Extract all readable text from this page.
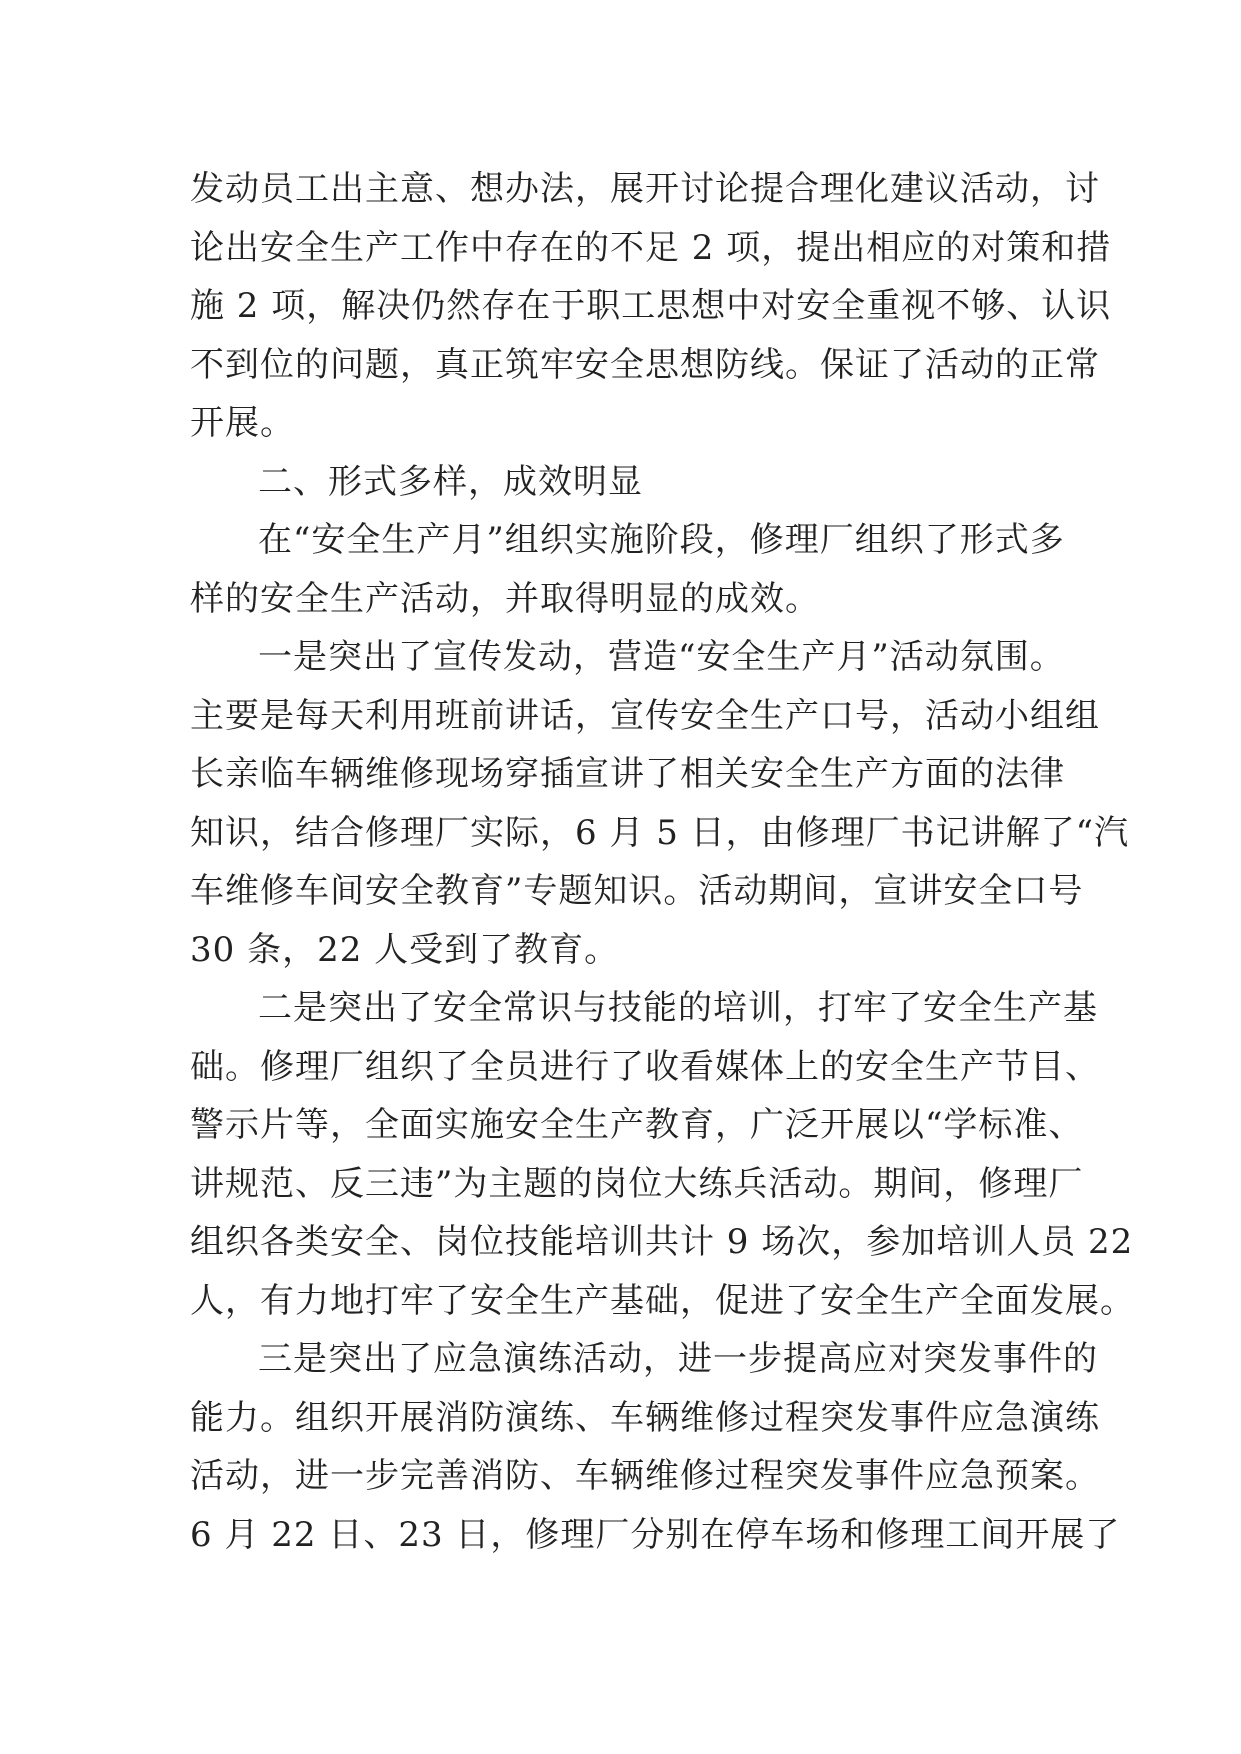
发动员工出主意、想办法，展开讨论提合理化建议活动，讨
论出安全生产工作中存在的不足 2 项，提出相应的对策和措
施 2 项，解决仍然存在于职工思想中对安全重视不够、认识
不到位的问题，真正筑牢安全思想防线。保证了活动的正常
开展。
二、形式多样，成效明显
在“安全生产月”组织实施阶段，修理厂组织了形式多
样的安全生产活动，并取得明显的成效。
一是突出了宣传发动，营造“安全生产月”活动氛围。
主要是每天利用班前讲话，宣传安全生产口号，活动小组组
长亲临车辆维修现场穿插宣讲了相关安全生产方面的法律
知识，结合修理厂实际，6 月 5 日，由修理厂书记讲解了“汽
车维修车间安全教育”专题知识。活动期间，宣讲安全口号
30 条，22 人受到了教育。
二是突出了安全常识与技能的培训，打牢了安全生产基
础。修理厂组织了全员进行了收看媒体上的安全生产节目、
警示片等，全面实施安全生产教育，广泛开展以“学标准、
讲规范、反三违”为主题的岗位大练兵活动。期间，修理厂
组织各类安全、岗位技能培训共计 9 场次，参加培训人员 22
人，有力地打牢了安全生产基础，促进了安全生产全面发展。
三是突出了应急演练活动，进一步提高应对突发事件的
能力。组织开展消防演练、车辆维修过程突发事件应急演练
活动，进一步完善消防、车辆维修过程突发事件应急预案。
6 月 22 日、23 日，修理厂分别在停车场和修理工间开展了
